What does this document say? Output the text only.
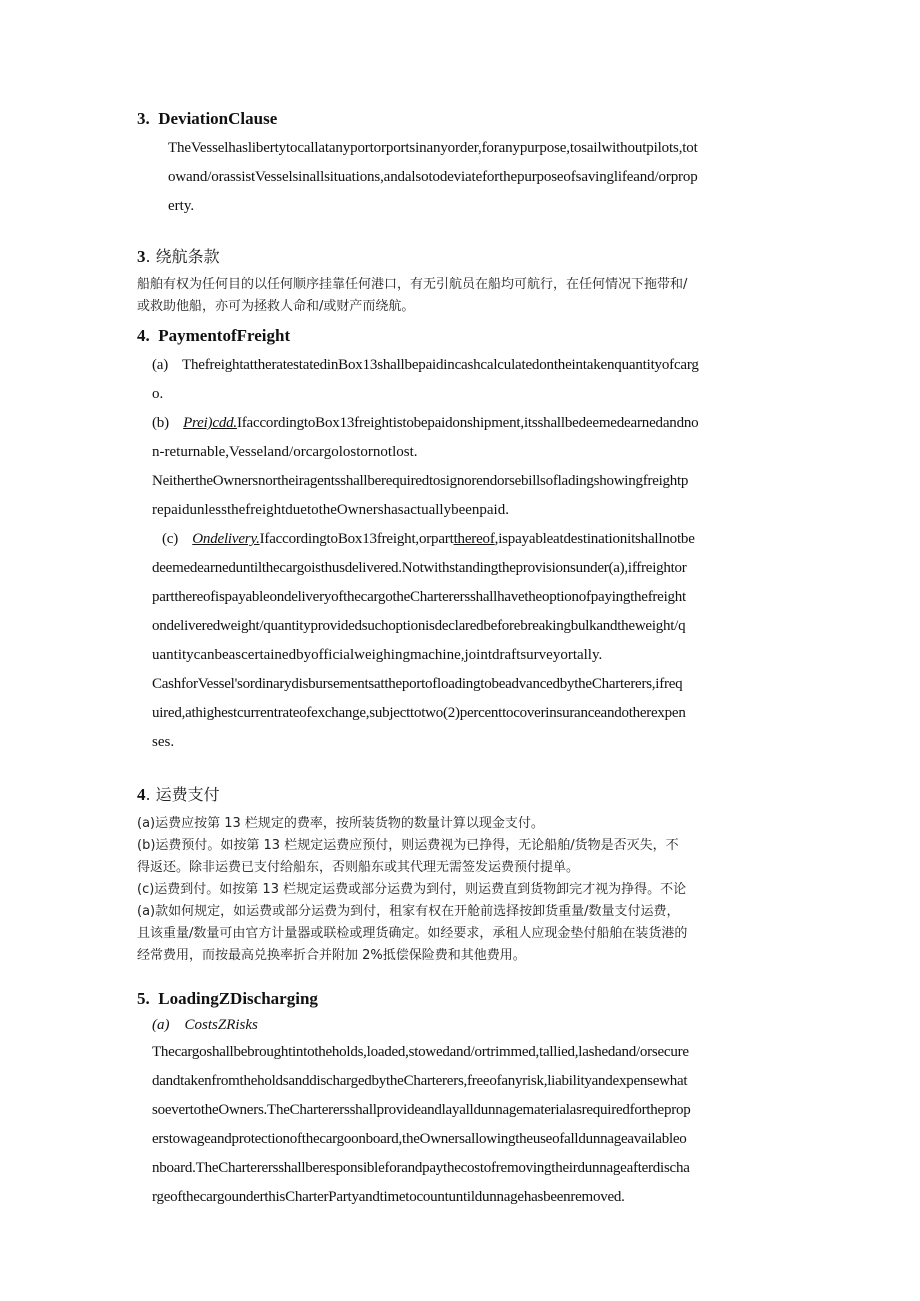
3. DeviationClause
TheVesselhaslibertytocallatanyportorportsinanyorder,foranypurpose,tosailwithoutpilots,tot
owand/orassistVesselsinallsituations,andalsotodeviateforthepurposeofsavinglifeand/orprop
erty.
3. 绕航条款
船舶有权为任何目的以任何顺序挂靠任何港口，有无引航员在船均可航行，在任何情况下拖带和/
或救助他船，亦可为拯救人命和/或财产而绕航。
4. PaymentofFreight
(a) ThefreightattheratestatedinBox13shallbepaidincashcalculatedontheintakenquantityofcarg
o.
(b) Prei)cdd.IfaccordingtoBox13freightistobepaidonshipment,itsshallbedeemedearnedandno
n-returnable,Vesseland/orcargolostornotlost.
NeithertheOwnersnortheiragentsshallberequiredtosignorendorsebillsofladingshowingfreightp
repaidunlessthefreightduetotheOwnershasactuallybeenpaid.
(c) Ondelivery.IfaccordingtoBox13freight,orpartthereof,ispayableatdestinationitshallnotbe
deemedearneduntilthecargoisthusdelivered.Notwithstandingtheprovisionsunder(a),iffreightor
partthereofispayableondeliveryofthecargotheCharterersshallhavetheoptionofpayingthefreight
ondeliveredweight/quantityprovidedsuchoptionisdeclaredbeforebreakingbulkandtheweight/q
uantitycanbeascertainedbyofficialweighingmachine,jointdraftsurveyortally.
CashforVessel'sordinarydisbursementsattheportofloadingtobeadvancedbytheCharterers,ifreq
uired,athighestcurrentrateofexchange,subjecttotwo(2)percenttocoverinsuranceandotherexpen
ses.
4. 运费支付
(a)运费应按第 13 栏规定的费率，按所装货物的数量计算以现金支付。
(b)运费预付。如按第 13 栏规定运费应预付，则运费视为已挣得，无论船舶/货物是否灭失，不
得返还。除非运费已支付给船东，否则船东或其代理无需签发运费预付提单。
(c)运费到付。如按第 13 栏规定运费或部分运费为到付，则运费直到货物卸完才视为挣得。不论
(a)款如何规定，如运费或部分运费为到付，租家有权在开舱前选择按卸货重量/数量支付运费，
且该重量/数量可由官方计量器或联检或理货确定。如经要求，承租人应现金垫付船舶在装货港的
经常费用，而按最高兑换率折合并附加 2%抵偿保险费和其他费用。
5. LoadingZDischarging
(a) CostsZRisks
Thecargoshallbebroughtintotheholds,loaded,stowedand/ortrimmed,tallied,lashedand/orsecure
dandtakenfromtheholdsanddischargedbytheCharterers,freeofanyrisk,liabilityandexpensewhat
soevertotheOwners.TheCharterersshallprovideandlayalldunnagematerialasrequiredfortheprop
erstowageandprotectionofthecargoonboard,theOwnersallowingtheuseofalldunnageavailableo
nboard.TheCharterersshallberesponsibleforandpaythecostofremovingtheirdunnageafterdischa
rgeofthecargounderthisCharterPartyandtimetocountuntildunnagehasbeenremoved.
